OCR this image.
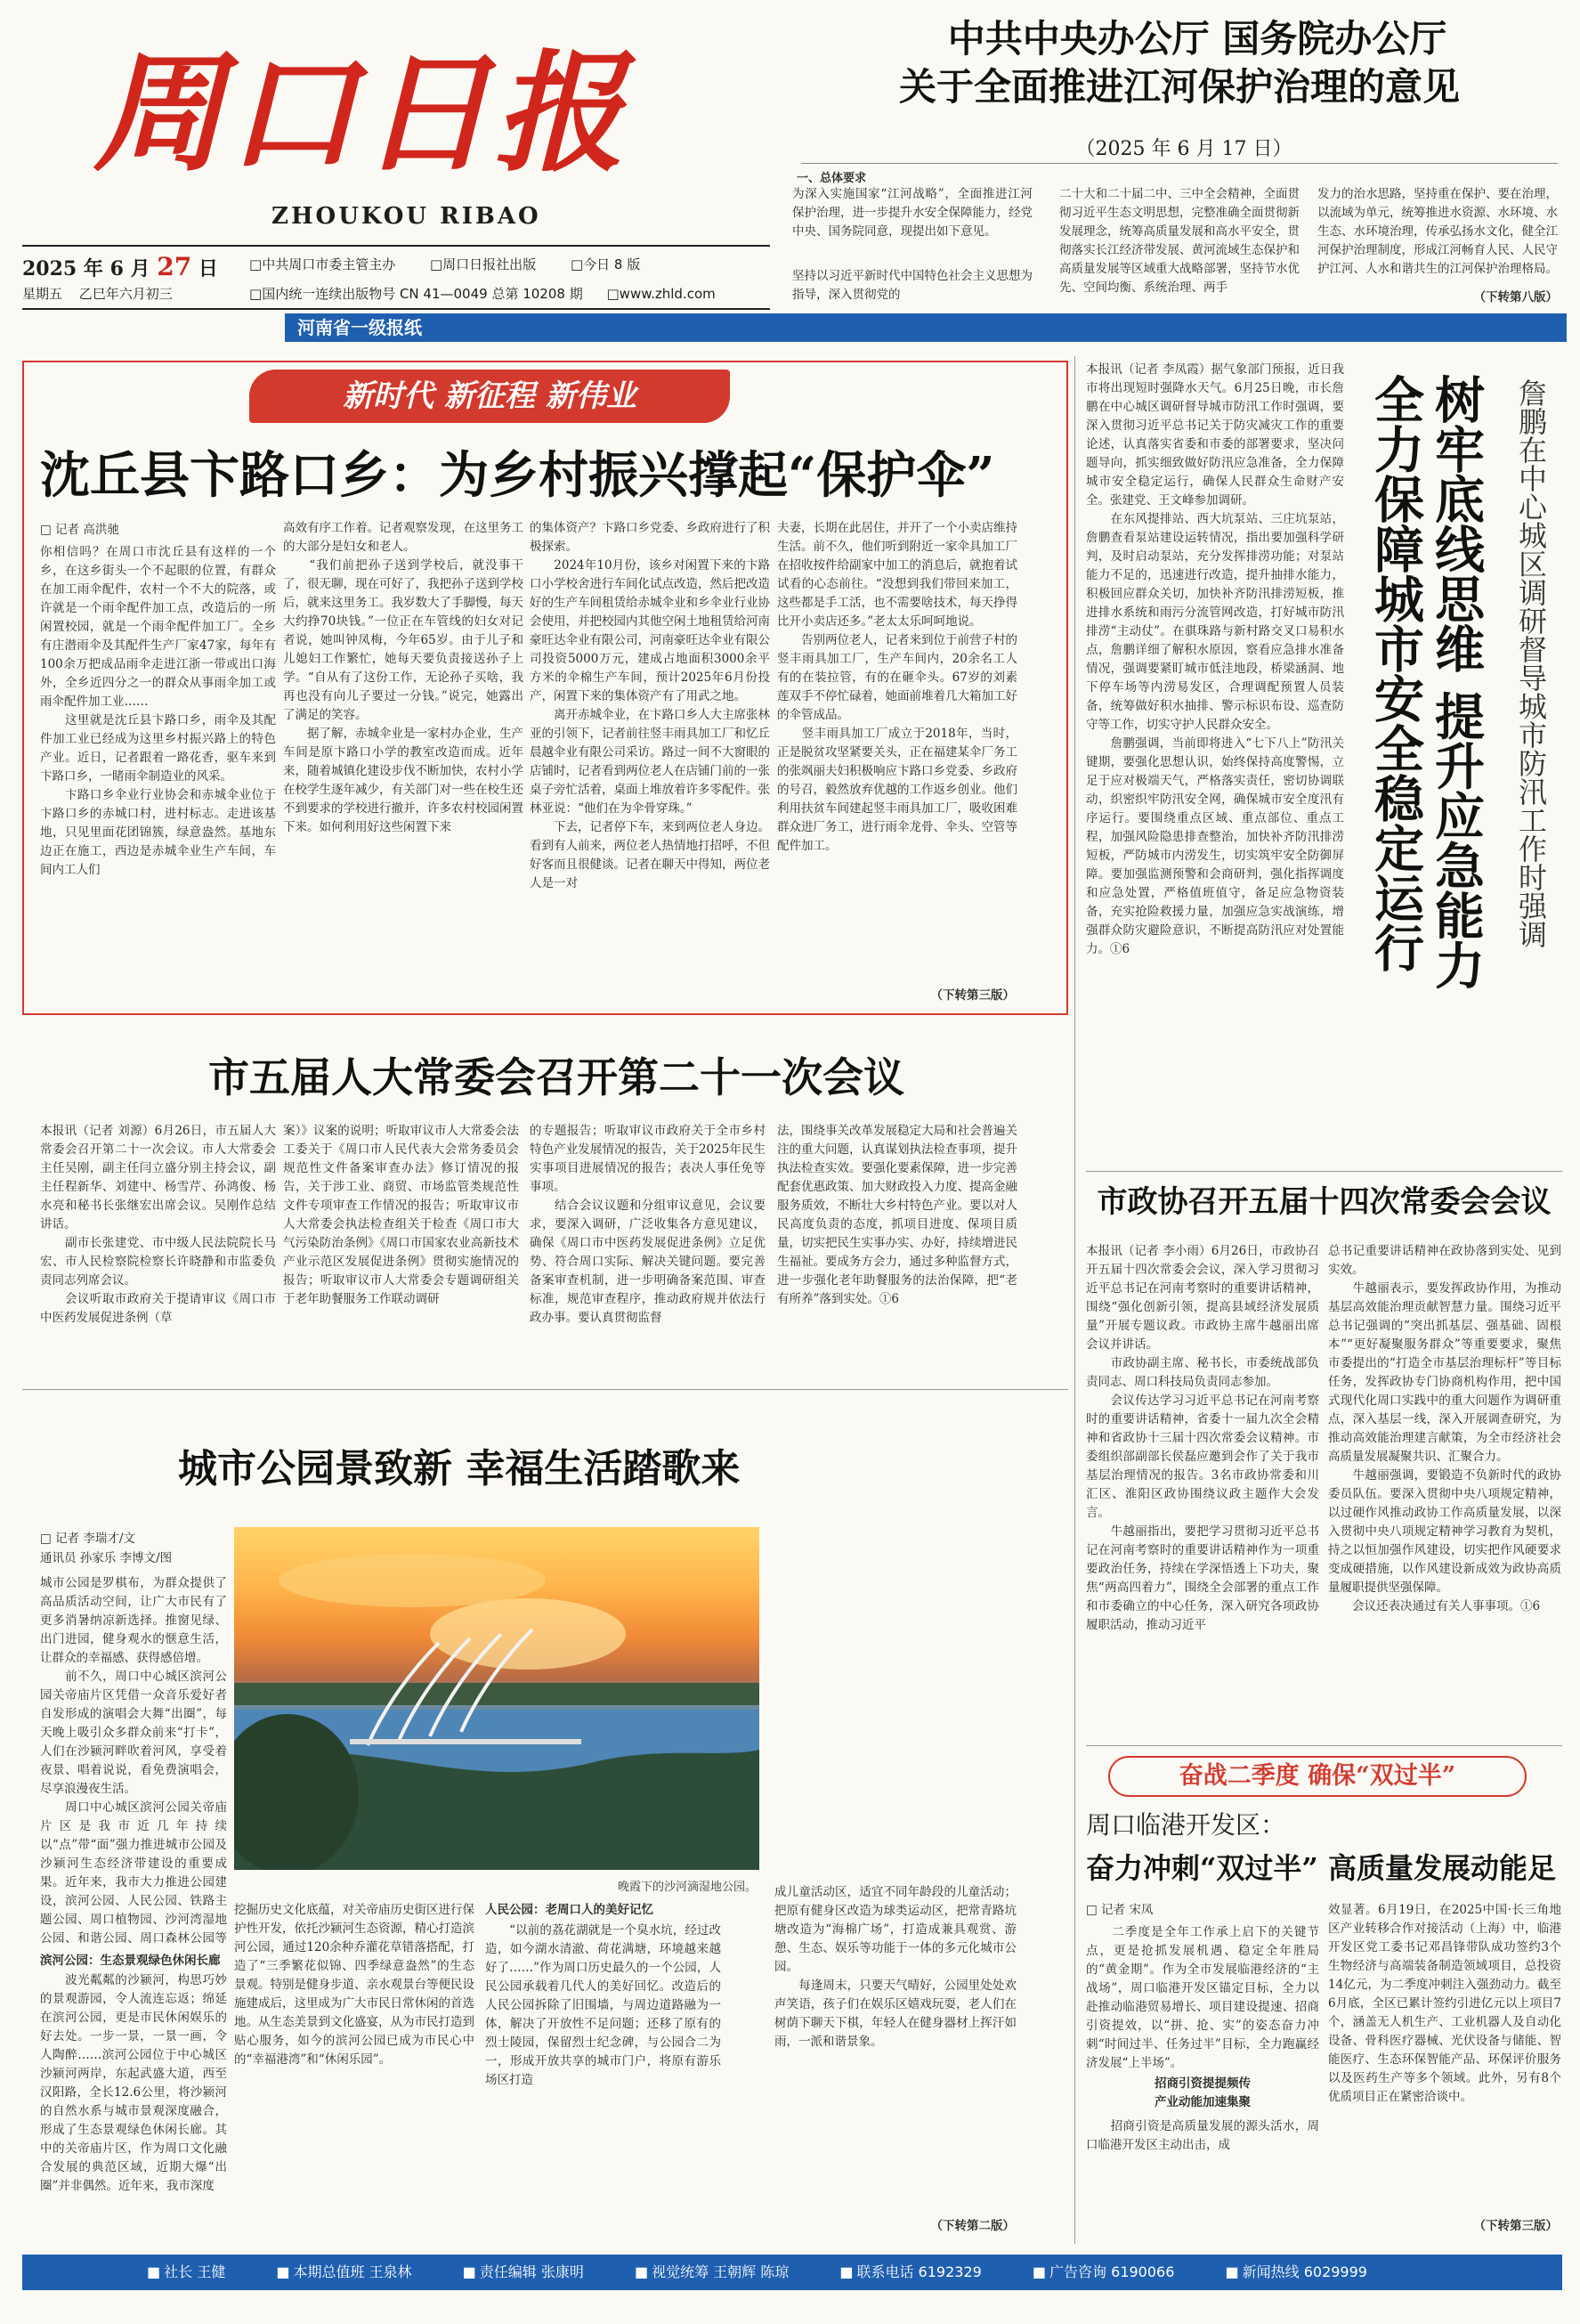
周口日报
ZHOUKOU RIBAO
2025 年 6 月 27 日
星期五 乙巳年六月初三
□中共周口市委主管主办	□周口日报社出版	□今日 8 版
□国内统一连续出版物号 CN 41—0049 总第 10208 期 □www.zhld.com
河南省一级报纸
中共中央办公厅 国务院办公厅
关于全面推进江河保护治理的意见
（2025 年 6 月 17 日）
一、总体要求
为深入实施国家“江河战略”，全面推进江河保护治理，进一步提升水安全保障能力，经党中央、国务院同意，现提出如下意见。
坚持以习近平新时代中国特色社会主义思想为指导，深入贯彻党的
二十大和二十届二中、三中全会精神，全面贯彻习近平生态文明思想，完整准确全面贯彻新发展理念，统筹高质量发展和高水平安全，贯彻落实长江经济带发展、黄河流域生态保护和高质量发展等区域重大战略部署，坚持节水优先、空间均衡、系统治理、两手
发力的治水思路，坚持重在保护、要在治理，以流域为单元，统筹推进水资源、水环境、水生态、水环境治理，传承弘扬水文化，健全江河保护治理制度，形成江河畅育人民、人民守护江河、人水和谐共生的江河保护治理格局。
（下转第八版）
新时代 新征程 新伟业
沈丘县卞路口乡：为乡村振兴撑起“保护伞”
□ 记者 高洪驰
你相信吗？在周口市沈丘县有这样的一个乡，在这乡街头一个不起眼的位置，有群众在加工雨伞配件，农村一个不大的院落，或许就是一个雨伞配件加工点，改造后的一所闲置校园，就是一个雨伞配件加工厂。全乡有庄潜雨伞及其配件生产厂家47家，每年有100余万把成品雨伞走进江浙一带或出口海外，全乡近四分之一的群众从事雨伞加工或雨伞配件加工业……
　　这里就是沈丘县卞路口乡，雨伞及其配件加工业已经成为这里乡村振兴路上的特色产业。近日，记者跟着一路花香，驱车来到卞路口乡，一睹雨伞制造业的风采。
　　卞路口乡伞业行业协会和赤城伞业位于卞路口乡的赤城口村，进村标志。走进该基地，只见里面花团锦簇，绿意盎然。基地东边正在施工，西边是赤城伞业生产车间，车间内工人们
高效有序工作着。记者观察发现，在这里务工的大部分是妇女和老人。
　　“我们前把孙子送到学校后，就没事干了，很无聊，现在可好了，我把孙子送到学校后，就来这里务工。我岁数大了手脚慢，每天大约挣70块钱。”一位正在车管线的妇女对记者说，她叫钟凤梅，今年65岁。由于儿子和儿媳妇工作繁忙，她每天要负责接送孙子上学。“自从有了这份工作，无论孙子买啥，我再也没有向儿子要过一分钱。”说完，她露出了满足的笑容。
　　据了解，赤城伞业是一家村办企业，生产车间是原卞路口小学的教室改造而成。近年来，随着城镇化建设步伐不断加快，农村小学在校学生逐年减少，有关部门对一些在校生还不到要求的学校进行撤并，许多农村校园闲置下来。如何利用好这些闲置下来
的集体资产？卞路口乡党委、乡政府进行了积极探索。
　　2024年10月份，该乡对闲置下来的卞路口小学校舍进行车间化试点改造，然后把改造好的生产车间租赁给赤城伞业和乡伞业行业协会使用，并把校园内其他空闲土地租赁给河南豪旺达伞业有限公司，河南豪旺达伞业有限公司投资5000万元，建成占地面积3000余平方米的伞棉生产车间，预计2025年6月份投产，闲置下来的集体资产有了用武之地。
　　离开赤城伞业，在卞路口乡人大主席张林亚的引领下，记者前往竖丰雨具加工厂和忆丘晨越伞业有限公司采访。路过一间不大窗眼的店铺时，记者看到两位老人在店铺门前的一张桌子旁忙活着，桌面上堆放着许多零配件。张林亚说：“他们在为伞骨穿珠。”
　　下去，记者停下车，来到两位老人身边。看到有人前来，两位老人热情地打招呼，不但好客而且很健谈。记者在聊天中得知，两位老人是一对
夫妻，长期在此居住，并开了一个小卖店维持生活。前不久，他们听到附近一家伞具加工厂在招收按件给副家中加工的消息后，就抱着试试看的心态前往。“没想到我们带回来加工，这些都是手工活，也不需要啥技术，每天挣得比开小卖店还多。”老太太乐呵呵地说。
　　告别两位老人，记者来到位于前营子村的竖丰雨具加工厂，生产车间内，20余名工人有的在装拉管，有的在砸伞头。67岁的刘素莲双手不停忙碌着，她面前堆着几大箱加工好的伞管成品。
　　竖丰雨具加工厂成立于2018年，当时，正是脱贫攻坚紧要关头，正在福建某伞厂务工的张飒丽夫妇积极响应卞路口乡党委、乡政府的号召，毅然放弃优越的工作返乡创业。他们利用扶贫车间建起竖丰雨具加工厂，吸收困难群众进厂务工，进行雨伞龙骨、伞头、空管等配件加工。
（下转第三版）
本报讯（记者 李凤霞）据气象部门预报，近日我市将出现短时强降水天气。6月25日晚，市长詹鹏在中心城区调研督导城市防汛工作时强调，要深入贯彻习近平总书记关于防灾减灾工作的重要论述，认真落实省委和市委的部署要求，坚决问题导向，抓实细致做好防汛应急准备，全力保障城市安全稳定运行，确保人民群众生命财产安全。张建党、王文峰参加调研。
　　在东风提排站、西大坑泵站、三庄坑泵站，詹鹏查看泵站建设运转情况，指出要加强科学研判，及时启动泵站，充分发挥排涝功能；对泵站能力不足的，迅速进行改造，提升抽排水能力，积极回应群众关切，加快补齐防汛排涝短板，推进排水系统和雨污分流管网改造，打好城市防汛排涝“主动仗”。在骐珠路与新村路交叉口易积水点，詹鹏详细了解积水原因，察看应急排水准备情况，强调要紧盯城市低洼地段，桥梁涵洞、地下停车场等内涝易发区，合理调配预置人员装备，统筹做好积水抽排、警示标识布设、巡查防守等工作，切实守护人民群众安全。
　　詹鹏强调，当前即将进入“七下八上”防汛关键期，要强化思想认识，始终保持高度警惕，立足于应对极端天气，严格落实责任，密切协调联动，织密织牢防汛安全网，确保城市安全度汛有序运行。要围绕重点区域、重点部位、重点工程，加强风险隐患排查整治，加快补齐防汛排涝短板，严防城市内涝发生，切实筑牢安全防御屏障。要加强监测预警和会商研判，强化指挥调度和应急处置，严格值班值守，备足应急物资装备，充实抢险救援力量，加强应急实战演练，增强群众防灾避险意识，不断提高防汛应对处置能力。①6	树牢底线思维 提升应急能力 全力保障城市安全稳定运行	詹鹏在中心城区调研督导城市防汛工作时强调
市五届人大常委会召开第二十一次会议
本报讯（记者 刘源）6月26日，市五届人大常委会召开第二十一次会议。市人大常委会主任吴刚，副主任闫立盛分别主持会议，副主任程新华、刘建中、杨雪芹、孙鸿俊、杨水亮和秘书长张继宏出席会议。吴刚作总结讲话。
　　副市长张建党、市中级人民法院院长马宏、市人民检察院检察长许晓静和市监委负责同志列席会议。
　　会议听取市政府关于提请审议《周口市中医药发展促进条例（草
案）》议案的说明；听取审议市人大常委会法工委关于《周口市人民代表大会常务委员会规范性文件备案审查办法》修订情况的报告，关于涉工业、商贸、市场监管类规范性文件专项审查工作情况的报告；听取审议市人大常委会执法检查组关于检查《周口市大气污染防治条例》《周口市国家农业高新技术产业示范区发展促进条例》贯彻实施情况的报告；听取审议市人大常委会专题调研组关于老年助餐服务工作联动调研
的专题报告；听取审议市政府关于全市乡村特色产业发展情况的报告，关于2025年民生实事项目进展情况的报告；表决人事任免等事项。
　　结合会议议题和分组审议意见，会议要求，要深入调研，广泛收集各方意见建议，确保《周口市中医药发展促进条例》立足优势、符合周口实际、解决关键问题。要完善备案审查机制，进一步明确备案范围、审查标准，规范审查程序，推动政府规并依法行政办事。要认真贯彻监督
法，围绕事关改革发展稳定大局和社会普遍关注的重大问题，认真谋划执法检查事项，提升执法检查实效。要强化要素保障，进一步完善配套优惠政策、加大财政投入力度、提高金融服务质效，不断壮大乡村特色产业。要以对人民高度负责的态度，抓项目进度、保项目质量，切实把民生实事办实、办好，持续增进民生福祉。要成务方会力，通过多种监督方式，进一步强化老年助餐服务的法治保障，把“老有所养”落到实处。①6
城市公园景致新 幸福生活踏歌来
□ 记者 李瑞才/文
通讯员 孙家乐 李博文/图
城市公园是罗棋布，为群众提供了高品质活动空间，让广大市民有了更多消暑纳凉新选择。推窗见绿、出门进园，健身观水的惬意生活，让群众的幸福感、获得感倍增。
　　前不久，周口中心城区滨河公园关帝庙片区凭借一众音乐爱好者自发形成的演唱会大舞“出圈”，每天晚上吸引众多群众前来“打卡”，人们在沙颍河畔吹着河风，享受着夜景、唱着说说，看免费演唱会，尽享浪漫夜生活。
　　周口中心城区滨河公园关帝庙片区是我市近几年持续以“点”带“面”强力推进城市公园及沙颍河生态经济带建设的重要成果。近年来，我市大力推进公园建设，滨河公园、人民公园、铁路主题公园、周口植物园、沙河湾湿地公园、和谐公园、周口森林公园等
滨河公园：生态景观绿色休闲长廊
　　波光粼粼的沙颍河，构思巧妙的景观游园，令人流连忘返；绵延在滨河公园，更是市民休闲娱乐的好去处。一步一景，一景一画，令人陶醉……滨河公园位于中心城区沙颍河两岸，东起武盛大道，西至汉阳路，全长12.6公里，将沙颍河的自然水系与城市景观深度融合，形成了生态景观绿色休闲长廊。其中的关帝庙片区，作为周口文化融合发展的典范区域，近期大爆“出圈”并非偶然。近年来，我市深度
晚霞下的沙河滴湿地公园。
挖掘历史文化底蕴，对关帝庙历史街区进行保护性开发，依托沙颍河生态资源，精心打造滨河公园，通过120余种乔灌花草错落搭配，打造了“三季繁花似锦、四季绿意盎然”的生态景观。特别是健身步道、亲水观景台等便民设施建成后，这里成为广大市民日常休闲的首选地。从生态美景到文化盛宴，从为市民打造到贴心服务，如今的滨河公园已成为市民心中的“幸福港湾”和“休闲乐园”。
人民公园：老周口人的美好记忆
　　“以前的荔花湖就是一个臭水坑，经过改造，如今湖水清澈、荷花满塘，环境越来越好了……”作为周口历史最久的一个公园，人民公园承载着几代人的美好回忆。改造后的人民公园拆除了旧围墙，与周边道路融为一体，解决了开放性不足问题；还移了原有的烈士陵园，保留烈士纪念碑，与公园合二为一，形成开放共享的城市门户，将原有游乐场区打造
成儿童活动区，适宜不同年龄段的儿童活动；把原有健身区改造为球类运动区，把常青路坑塘改造为“海棉广场”，打造成兼具观赏、游憩、生态、娱乐等功能于一体的多元化城市公园。
　　每逢周末，只要天气晴好，公园里处处欢声笑语，孩子们在娱乐区嬉戏玩耍，老人们在树荫下聊天下棋，年轻人在健身器材上挥汗如雨，一派和谐景象。
（下转第二版）
市政协召开五届十四次常委会会议
本报讯（记者 李小雨）6月26日，市政协召开五届十四次常委会会议，深入学习贯彻习近平总书记在河南考察时的重要讲话精神，围绕“强化创新引领，提高县域经济发展质量”开展专题议政。市政协主席牛越丽出席会议并讲话。
　　市政协副主席、秘书长，市委统战部负责同志、周口科技局负责同志参加。
　　会议传达学习习近平总书记在河南考察时的重要讲话精神，省委十一届九次全会精神和省政协十三届十四次常委会议精神。市委组织部副部长侯磊应邀到会作了关于我市基层治理情况的报告。3名市政协常委和川汇区、淮阳区政协围绕议政主题作大会发言。
　　牛越丽指出，要把学习贯彻习近平总书记在河南考察时的重要讲话精神作为一项重要政治任务，持续在学深悟透上下功夫，聚焦“两高四着力”，围绕全会部署的重点工作和市委确立的中心任务，深入研究各项政协履职活动，推动习近平
总书记重要讲话精神在政协落到实处、见到实效。
　　牛越丽表示，要发挥政协作用，为推动基层高效能治理贡献智慧力量。围绕习近平总书记强调的“突出抓基层、强基础、固根本”“更好凝聚服务群众”等重要要求，聚焦市委提出的“打造全市基层治理标杆”等目标任务，发挥政协专门协商机构作用，把中国式现代化周口实践中的重大问题作为调研重点，深入基层一线，深入开展调查研究，为推动高效能治理建言献策，为全市经济社会高质量发展凝聚共识、汇聚合力。
　　牛越丽强调，要锻造不负新时代的政协委员队伍。要深入贯彻中央八项规定精神，以过硬作风推动政协工作高质量发展，以深入贯彻中央八项规定精神学习教育为契机，持之以恒加强作风建设，切实把作风硬要求变成硬措施，以作风建设新成效为政协高质量履职提供坚强保障。
　　会议还表决通过有关人事事项。①6
奋战二季度 确保“双过半”
周口临港开发区：
奋力冲刺“双过半” 高质量发展动能足
□ 记者 宋凤
　　二季度是全年工作承上启下的关键节点，更是抢抓发展机遇、稳定全年胜局的“黄金期”。作为全市发展临港经济的“主战场”，周口临港开发区锚定目标，全力以赴推动临港贸易增长、项目建设提速、招商引资提效，以“拼、抢、实”的姿态奋力冲刺“时间过半、任务过半”目标，全力跑赢经济发展“上半场”。
招商引资提提频传
产业动能加速集聚
　　招商引资是高质量发展的源头活水，周口临港开发区主动出击，成
效显著。6月19日，在2025中国·长三角地区产业转移合作对接活动（上海）中，临港开发区党工委书记邓昌锋带队成功签约3个生物经济与高端装备制造领域项目，总投资14亿元，为二季度冲刺注入强劲动力。截至6月底，全区已累计签约引进亿元以上项目7个，涵盖无人机生产、工业机器人及自动化设备、骨科医疗器械、光伏设备与储能、智能医疗、生态环保智能产品、环保评价服务以及医药生产等多个领域。此外，另有8个优质项目正在紧密洽谈中。
（下转第三版）
■ 社长 王健	■ 本期总值班 王泉林	■ 责任编辑 张康明	■ 视觉统筹 王朝辉 陈琼	■ 联系电话 6192329	■ 广告咨询 6190066	■ 新闻热线 6029999
